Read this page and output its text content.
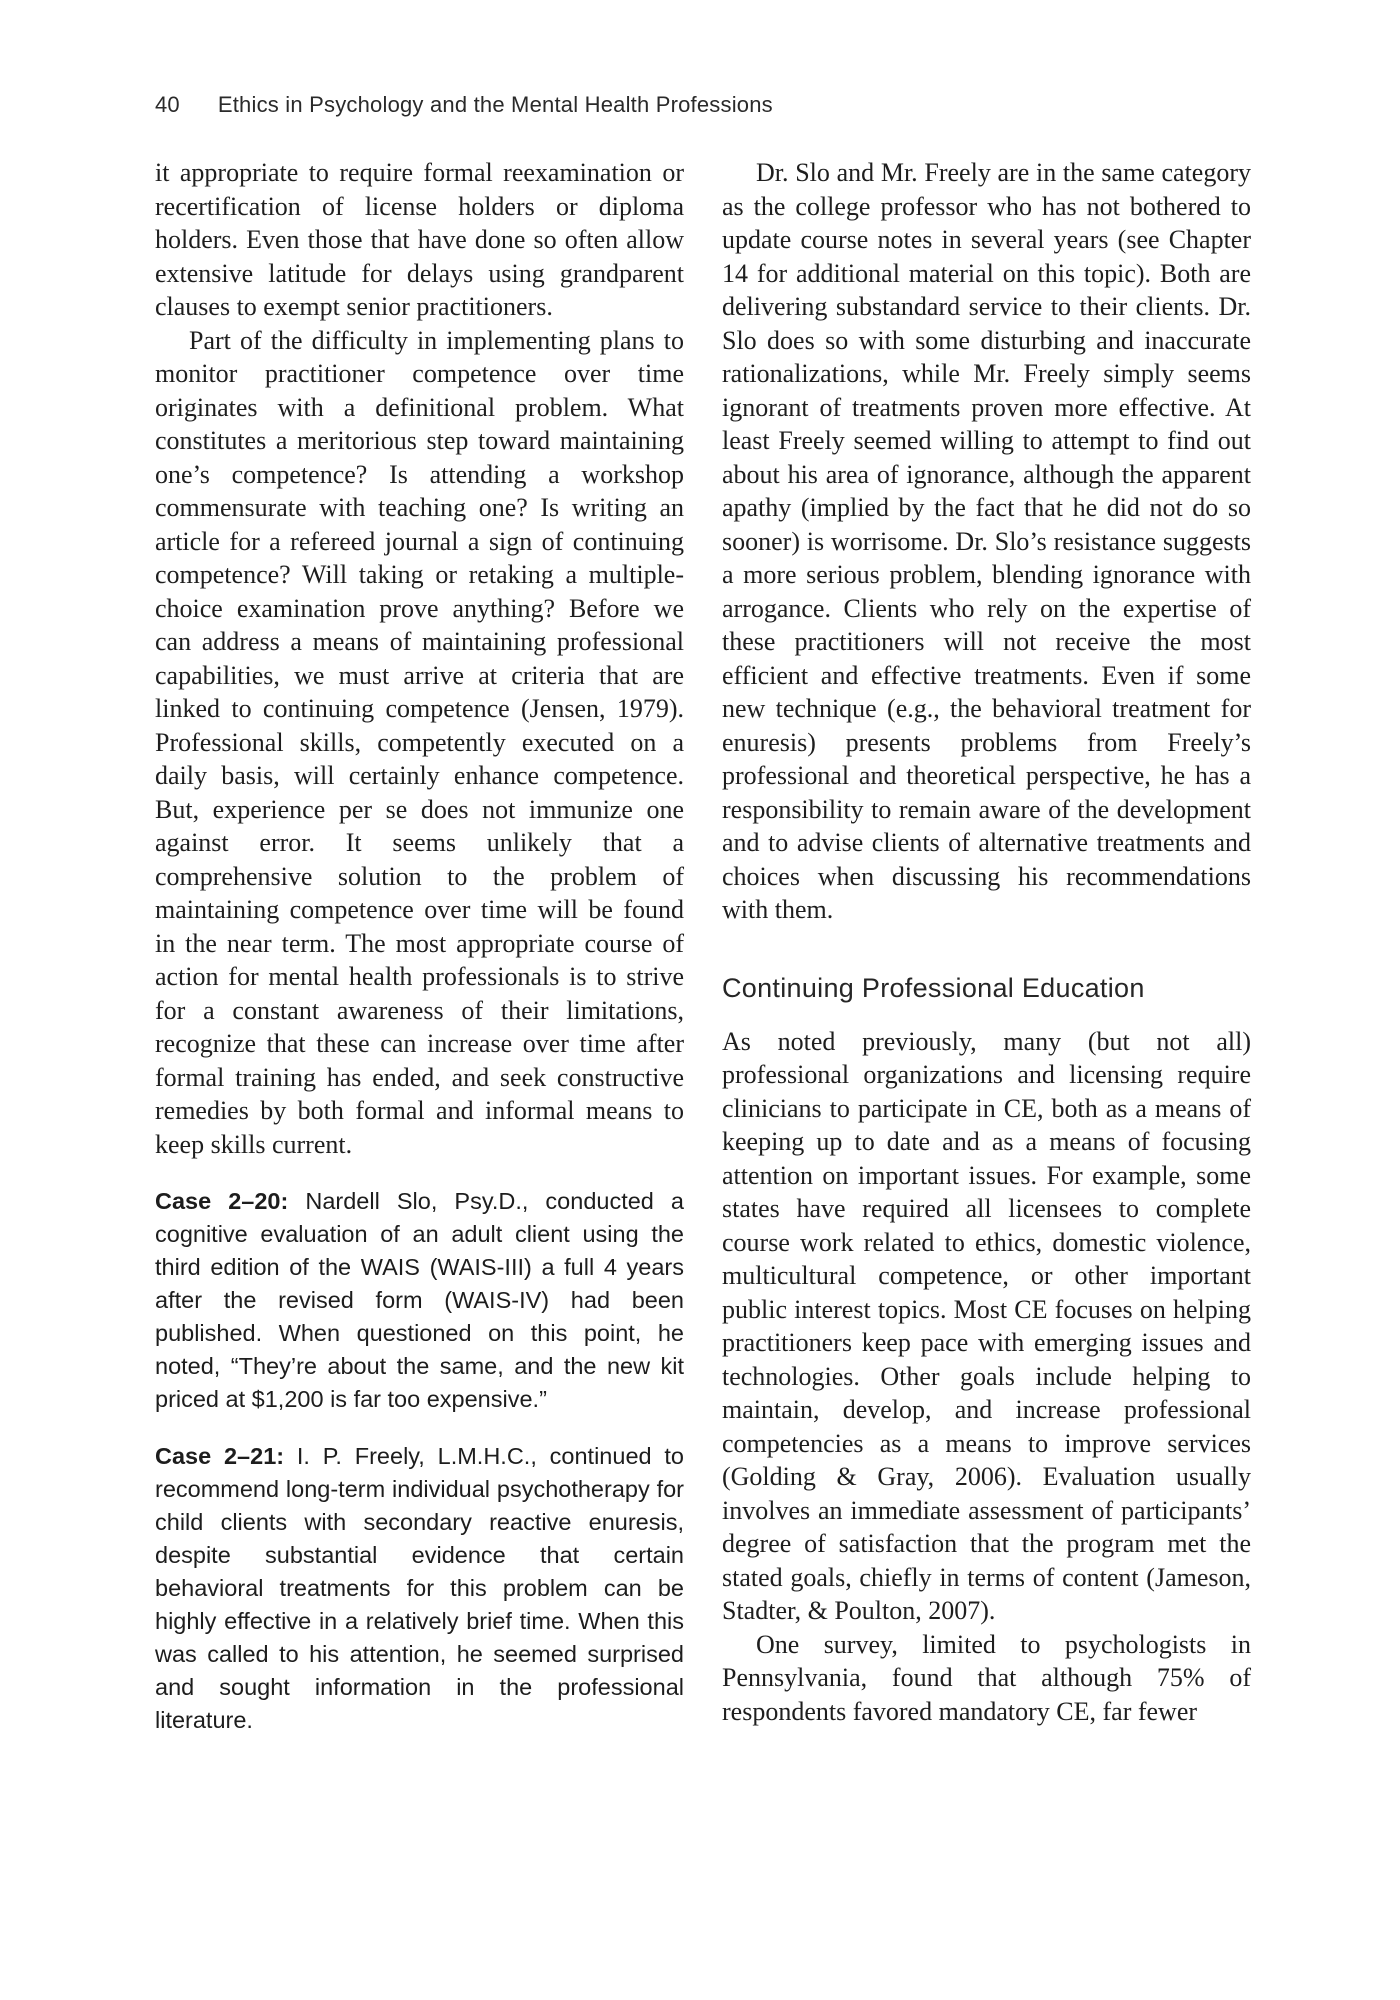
40 Ethics in Psychology and the Mental Health Professions

it appropriate to require formal reexamination or recertification of license holders or diploma holders. Even those that have done so often allow extensive latitude for delays using grandparent clauses to exempt senior practitioners.

Part of the difficulty in implementing plans to monitor practitioner competence over time originates with a definitional problem. What constitutes a meritorious step toward maintaining one’s competence? Is attending a workshop commensurate with teaching one? Is writing an article for a refereed journal a sign of continuing competence? Will taking or retaking a multiple-choice examination prove anything? Before we can address a means of maintaining professional capabilities, we must arrive at criteria that are linked to continuing competence (Jensen, 1979). Professional skills, competently executed on a daily basis, will certainly enhance competence. But, experience per se does not immunize one against error. It seems unlikely that a comprehensive solution to the problem of maintaining competence over time will be found in the near term. The most appropriate course of action for mental health professionals is to strive for a constant awareness of their limitations, recognize that these can increase over time after formal training has ended, and seek constructive remedies by both formal and informal means to keep skills current.

Case 2–20: Nardell Slo, Psy.D., conducted a cognitive evaluation of an adult client using the third edition of the WAIS (WAIS-III) a full 4 years after the revised form (WAIS-IV) had been published. When questioned on this point, he noted, “They’re about the same, and the new kit priced at $1,200 is far too expensive.”

Case 2–21: I. P. Freely, L.M.H.C., continued to recommend long-term individual psychotherapy for child clients with secondary reactive enuresis, despite substantial evidence that certain behavioral treatments for this problem can be highly effective in a relatively brief time. When this was called to his attention, he seemed surprised and sought information in the professional literature.

Dr. Slo and Mr. Freely are in the same category as the college professor who has not bothered to update course notes in several years (see Chapter 14 for additional material on this topic). Both are delivering substandard service to their clients. Dr. Slo does so with some disturbing and inaccurate rationalizations, while Mr. Freely simply seems ignorant of treatments proven more effective. At least Freely seemed willing to attempt to find out about his area of ignorance, although the apparent apathy (implied by the fact that he did not do so sooner) is worrisome. Dr. Slo’s resistance suggests a more serious problem, blending ignorance with arrogance. Clients who rely on the expertise of these practitioners will not receive the most efficient and effective treatments. Even if some new technique (e.g., the behavioral treatment for enuresis) presents problems from Freely’s professional and theoretical perspective, he has a responsibility to remain aware of the development and to advise clients of alternative treatments and choices when discussing his recommendations with them.

Continuing Professional Education

As noted previously, many (but not all) professional organizations and licensing require clinicians to participate in CE, both as a means of keeping up to date and as a means of focusing attention on important issues. For example, some states have required all licensees to complete course work related to ethics, domestic violence, multicultural competence, or other important public interest topics. Most CE focuses on helping practitioners keep pace with emerging issues and technologies. Other goals include helping to maintain, develop, and increase professional competencies as a means to improve services (Golding & Gray, 2006). Evaluation usually involves an immediate assessment of participants’ degree of satisfaction that the program met the stated goals, chiefly in terms of content (Jameson, Stadter, & Poulton, 2007).

One survey, limited to psychologists in Pennsylvania, found that although 75% of respondents favored mandatory CE, far fewer
